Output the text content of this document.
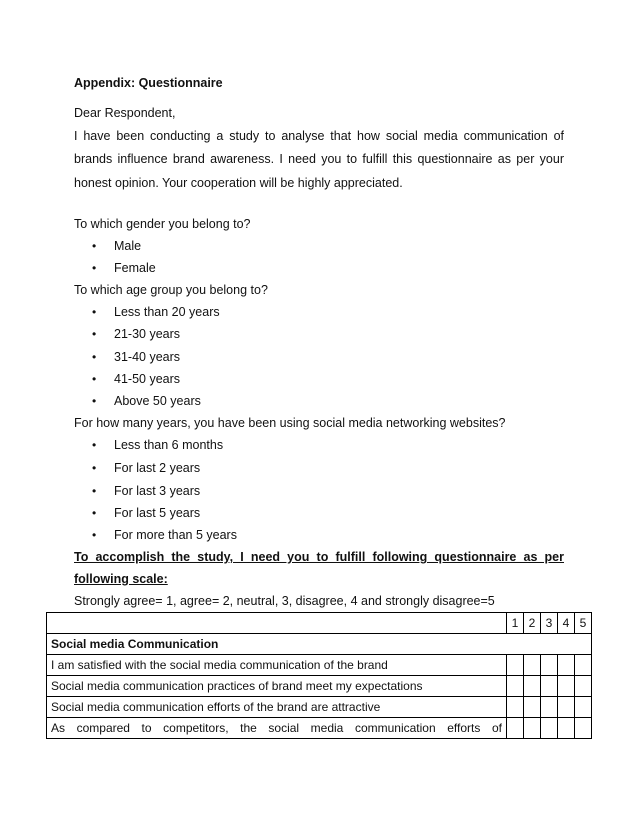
Appendix: Questionnaire
Dear Respondent,
I have been conducting a study to analyse that how social media communication of
brands influence brand awareness. I need you to fulfill this questionnaire as per your
honest opinion. Your cooperation will be highly appreciated.
To which gender you belong to?
• Male
• Female
To which age group you belong to?
• Less than 20 years
• 21-30 years
• 31-40 years
• 41-50 years
• Above 50 years
For how many years, you have been using social media networking websites?
• Less than 6 months
• For last 2 years
• For last 3 years
• For last 5 years
• For more than 5 years
To accomplish the study, I need you to fulfill following questionnaire as per
following scale:
Strongly agree= 1, agree= 2, neutral, 3, disagree, 4 and strongly disagree=5
	1	2	3	4	5
Social media Communication					
I am satisfied with the social media communication of the brand					
Social media communication practices of brand meet my expectations					
Social media communication efforts of the brand are attractive					
As compared to competitors, the social media communication efforts of					
